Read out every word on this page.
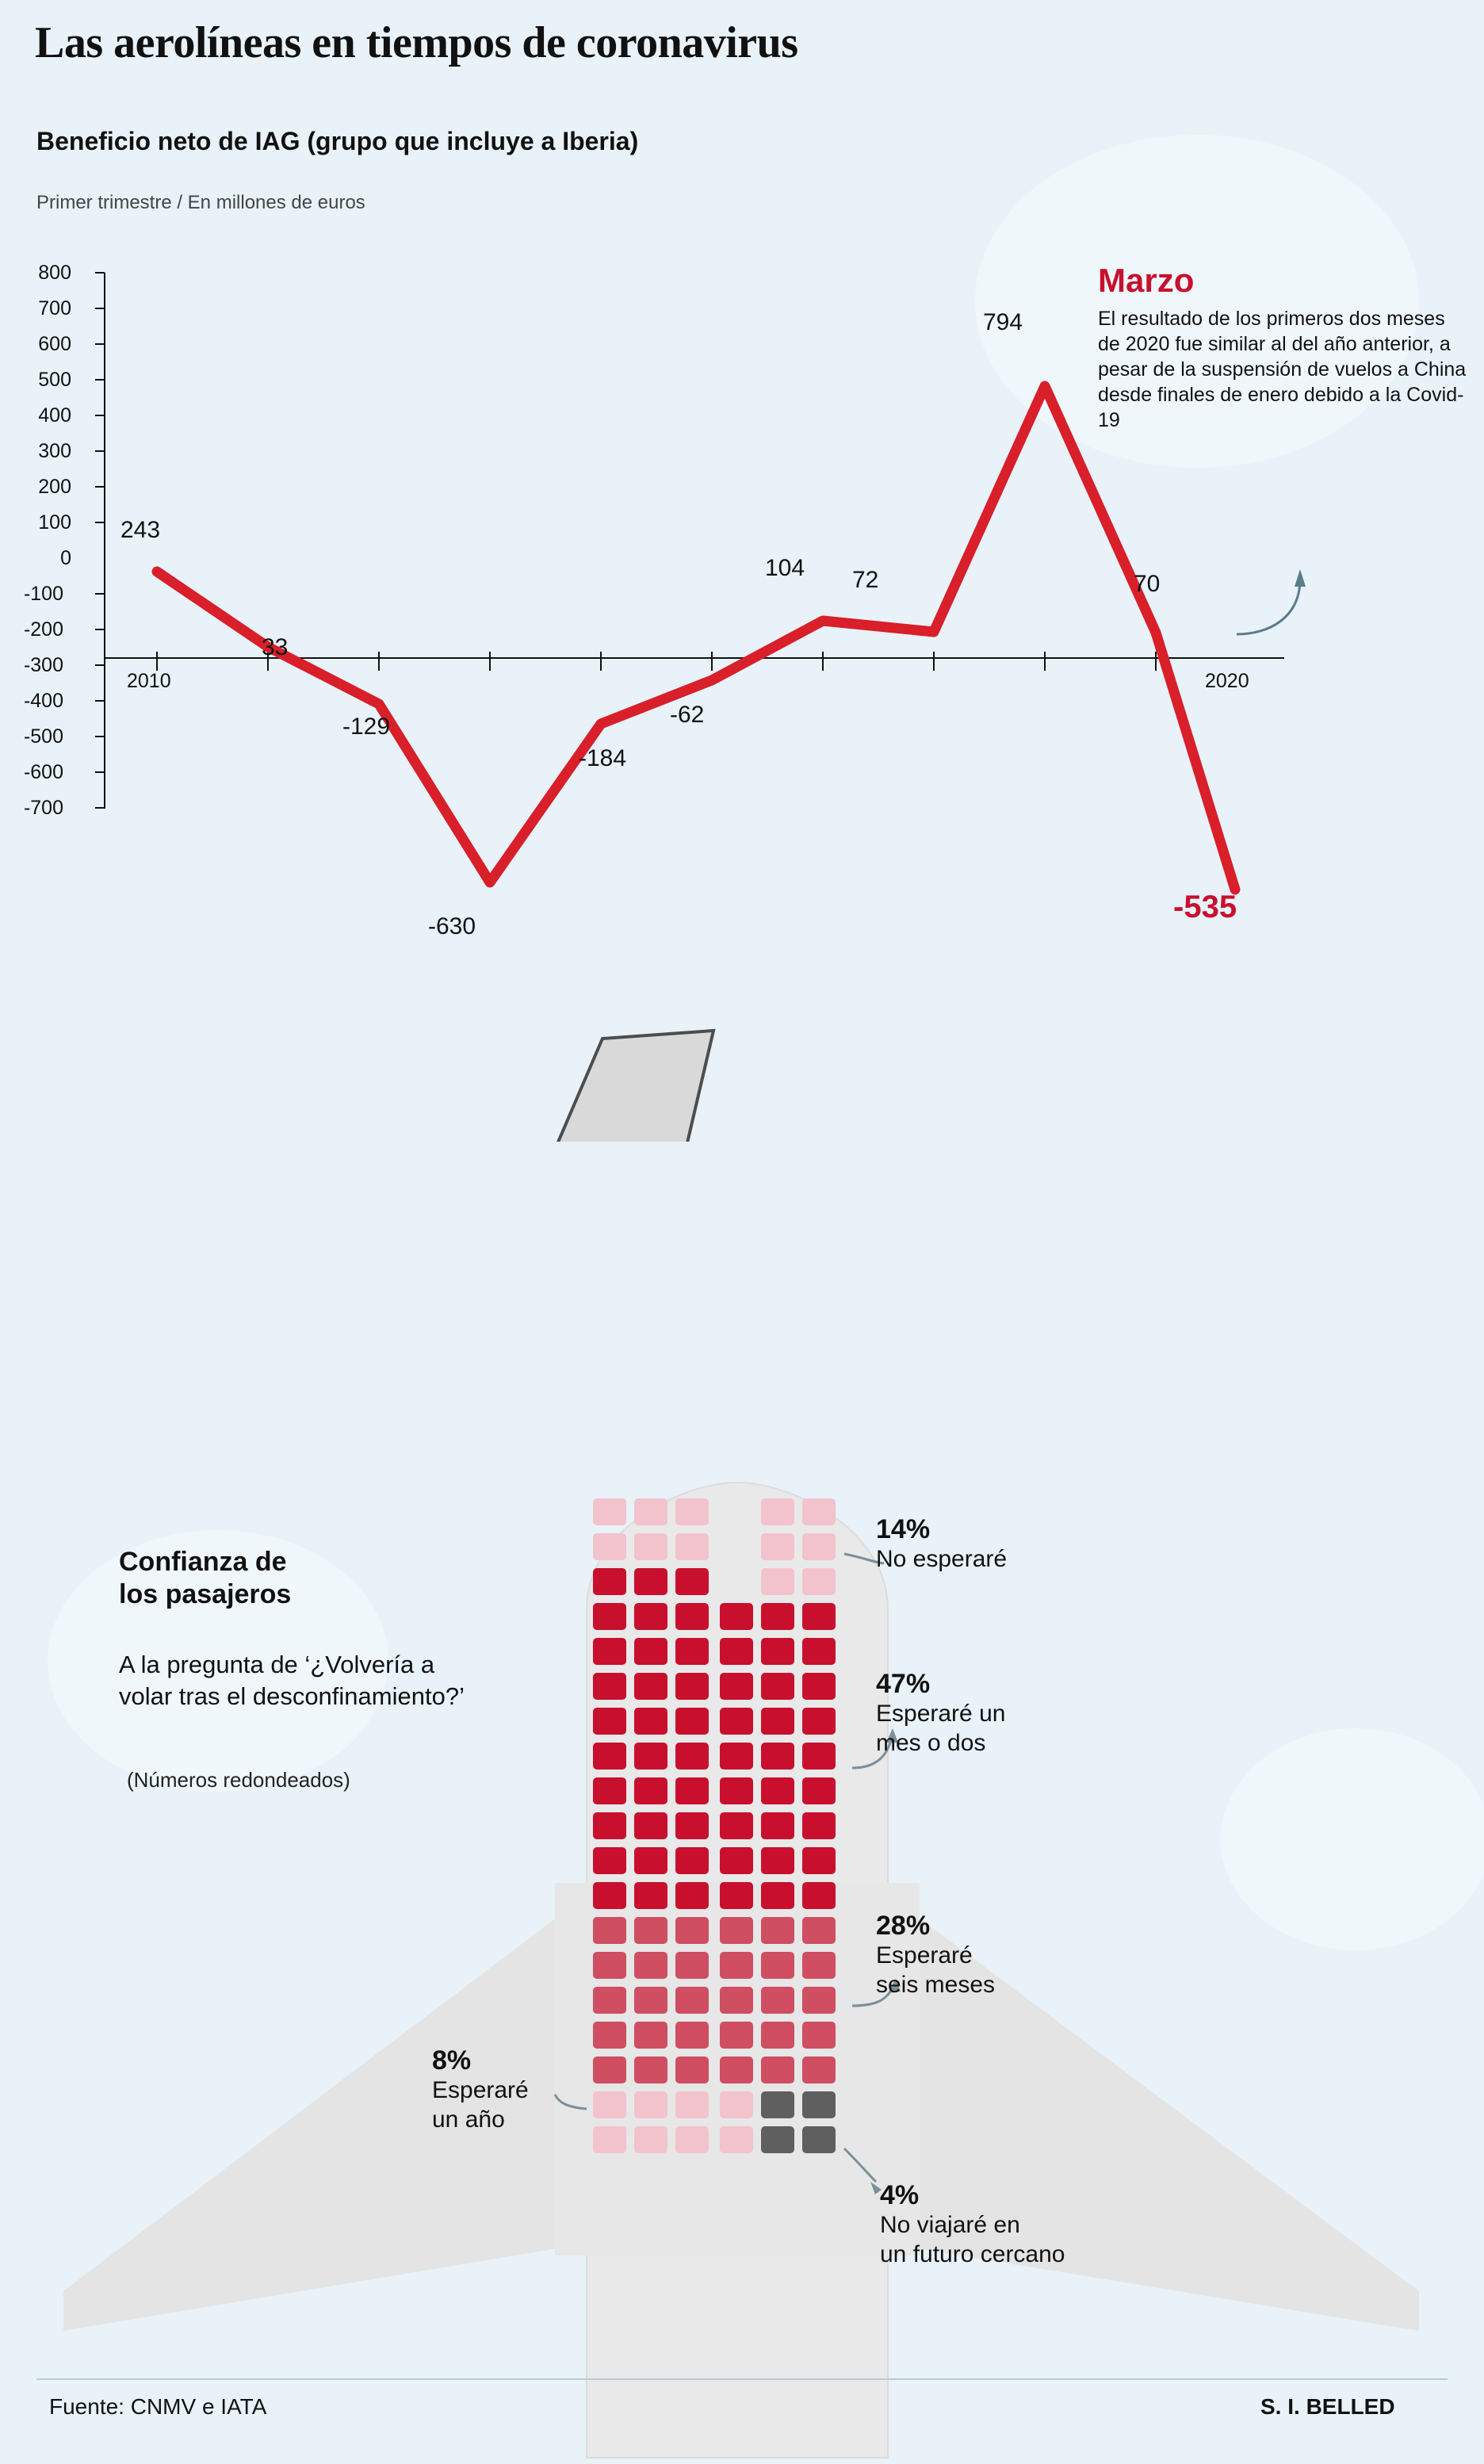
Las aerolíneas en tiempos de coronavirus
Beneficio neto de IAG (grupo que incluye a Iberia)
Primer trimestre / En millones de euros
800
700
600
500
400
300
200
100
0
-100
-200
-300
-400
-500
-600
-700
2010	2020
243
33
-129
-630
-184
-62
104 72
794
70
-535
Marzo
El resultado de los primeros dos meses de 2020 fue similar al del año anterior, a pesar de la suspensión de vuelos a China desde finales de enero debido a la Covid-19
Confianza de
los pasajeros
A la pregunta de ‘¿Volvería a volar tras el desconfinamiento?’
(Números redondeados)
14%
No esperaré
47%
Esperaré un
mes o dos
28%
Esperaré
seis meses
8%
Esperaré
un año
4%
No viajaré en
un futuro cercano
Fuente: CNMV e IATA	S. I. BELLED
